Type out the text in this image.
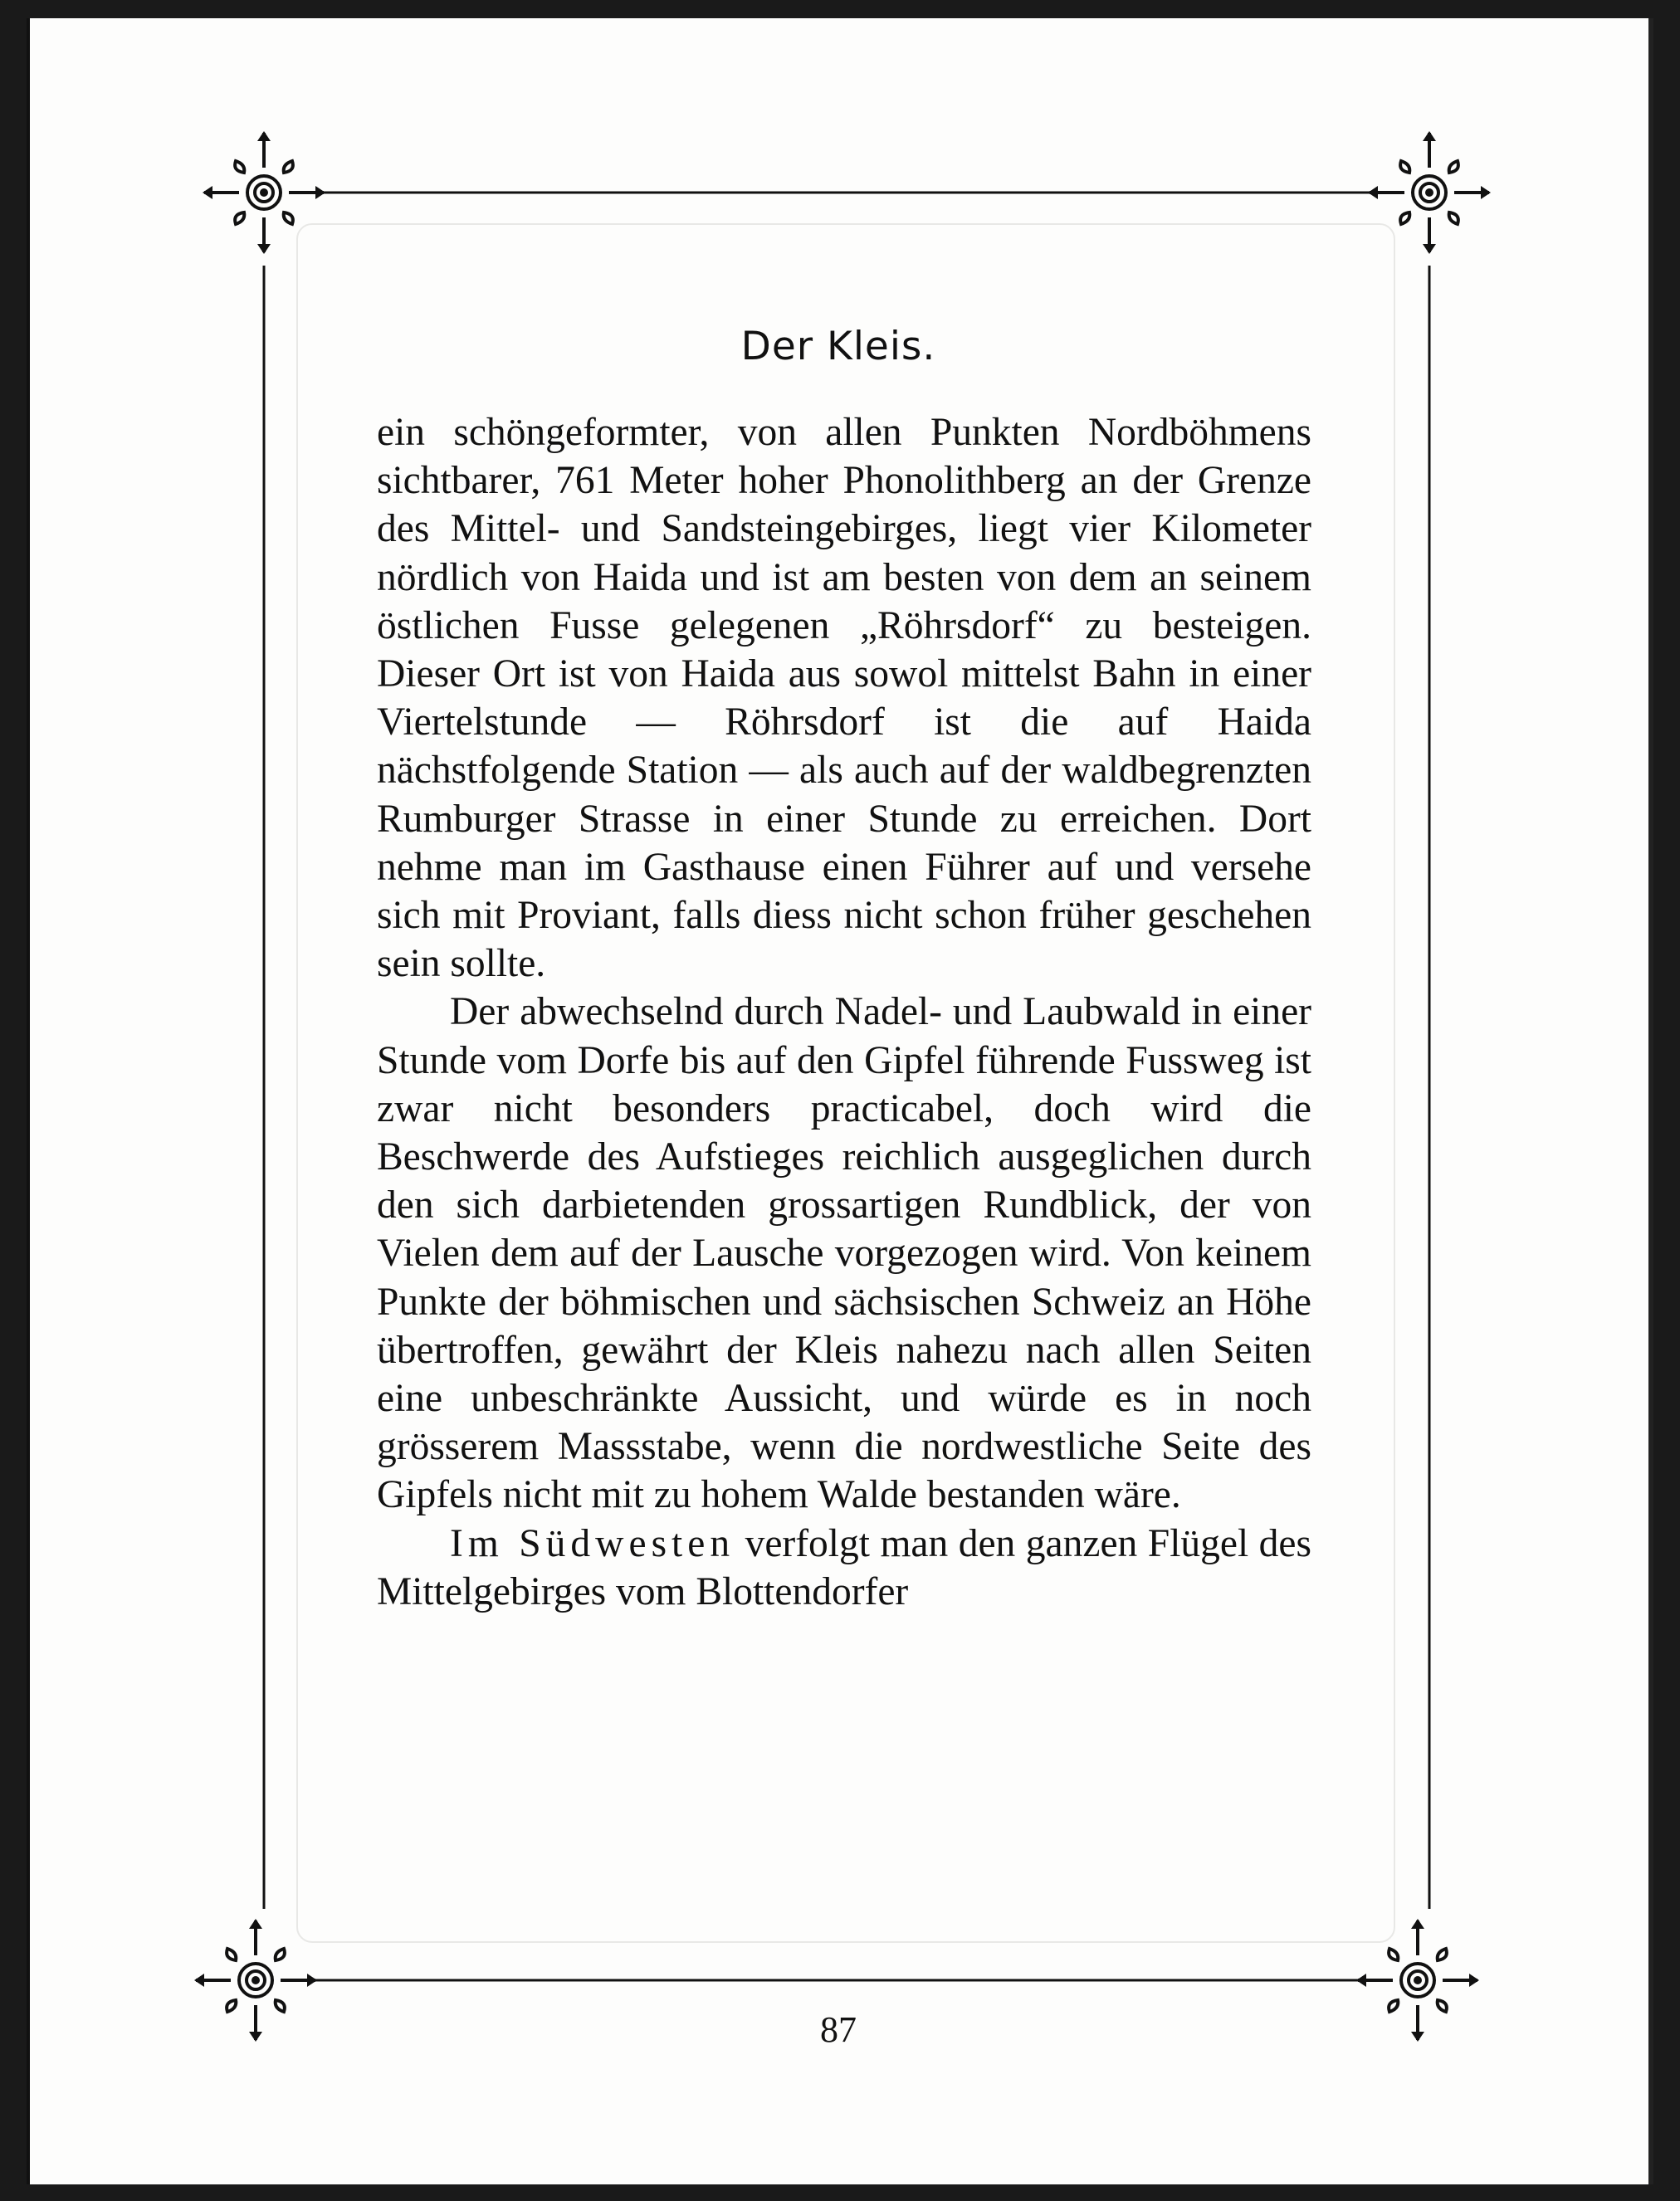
Der Kleis.

ein schöngeformter, von allen Punkten Nordböhmens sichtbarer, 761 Meter hoher Phonolithberg an der Grenze des Mittel- und Sandsteingebirges, liegt vier Kilometer nördlich von Haida und ist am besten von dem an seinem östlichen Fusse gelegenen „Röhrsdorf“ zu besteigen. Dieser Ort ist von Haida aus sowol mittelst Bahn in einer Viertelstunde — Röhrsdorf ist die auf Haida nächstfolgende Station — als auch auf der waldbegrenzten Rumburger Strasse in einer Stunde zu erreichen. Dort nehme man im Gasthause einen Führer auf und versehe sich mit Proviant, falls diess nicht schon früher geschehen sein sollte.

Der abwechselnd durch Nadel- und Laubwald in einer Stunde vom Dorfe bis auf den Gipfel führende Fussweg ist zwar nicht besonders practicabel, doch wird die Beschwerde des Aufstieges reichlich ausgeglichen durch den sich darbietenden grossartigen Rundblick, der von Vielen dem auf der Lausche vorgezogen wird. Von keinem Punkte der böhmischen und sächsischen Schweiz an Höhe übertroffen, gewährt der Kleis nahezu nach allen Seiten eine unbeschränkte Aussicht, und würde es in noch grösserem Massstabe, wenn die nordwestliche Seite des Gipfels nicht mit zu hohem Walde bestanden wäre.

Im Südwesten verfolgt man den ganzen Flügel des Mittelgebirges vom Blottendorfer

87
